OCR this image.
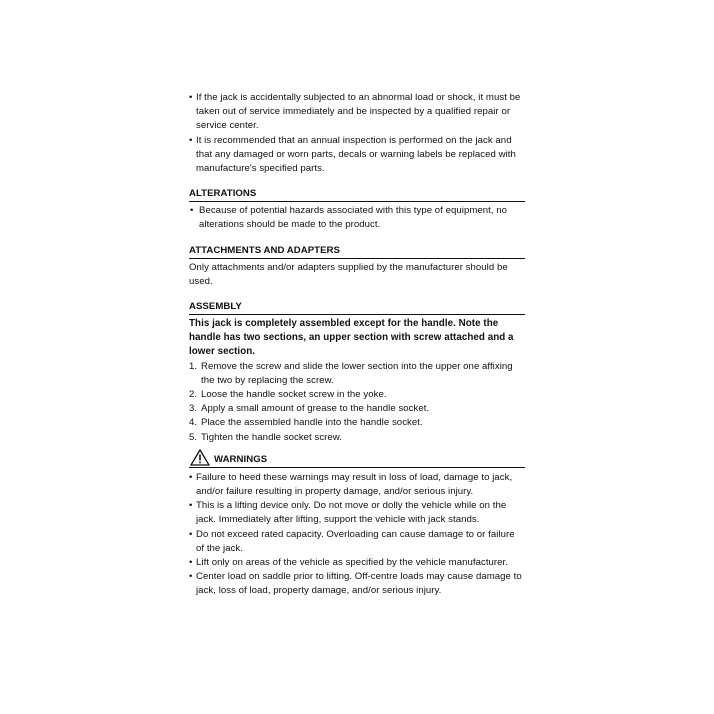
• If the jack is accidentally subjected to an abnormal load or shock, it must be taken out of service immediately and be inspected by a qualified repair or service center.
• It is recommended that an annual inspection is performed on the jack and that any damaged or worn parts, decals or warning labels be replaced with manufacture's specified parts.
ALTERATIONS
• Because of potential hazards associated with this type of equipment, no alterations should be made to the product.
ATTACHMENTS AND ADAPTERS

Only attachments and/or adapters supplied by the manufacturer should be used.

ASSEMBLY

This jack is completely assembled except for the handle. Note the handle has two sections, an upper section with screw attached and a lower section.

1. Remove the screw and slide the lower section into the upper one affixing the two by replacing the screw.
2. Loose the handle socket screw in the yoke.
3. Apply a small amount of grease to the handle socket.
4. Place the assembled handle into the handle socket.
5. Tighten the handle socket screw.
WARNINGS
• Failure to heed these warnings may result in loss of load, damage to jack, and/or failure resulting in property damage, and/or serious injury.
• This is a lifting device only. Do not move or dolly the vehicle while on the jack. Immediately after lifting, support the vehicle with jack stands.
• Do not exceed rated capacity. Overloading can cause damage to or failure of the jack.
• Lift only on areas of the vehicle as specified by the vehicle manufacturer.
• Center load on saddle prior to lifting. Off-centre loads may cause damage to jack, loss of load, property damage, and/or serious injury.
